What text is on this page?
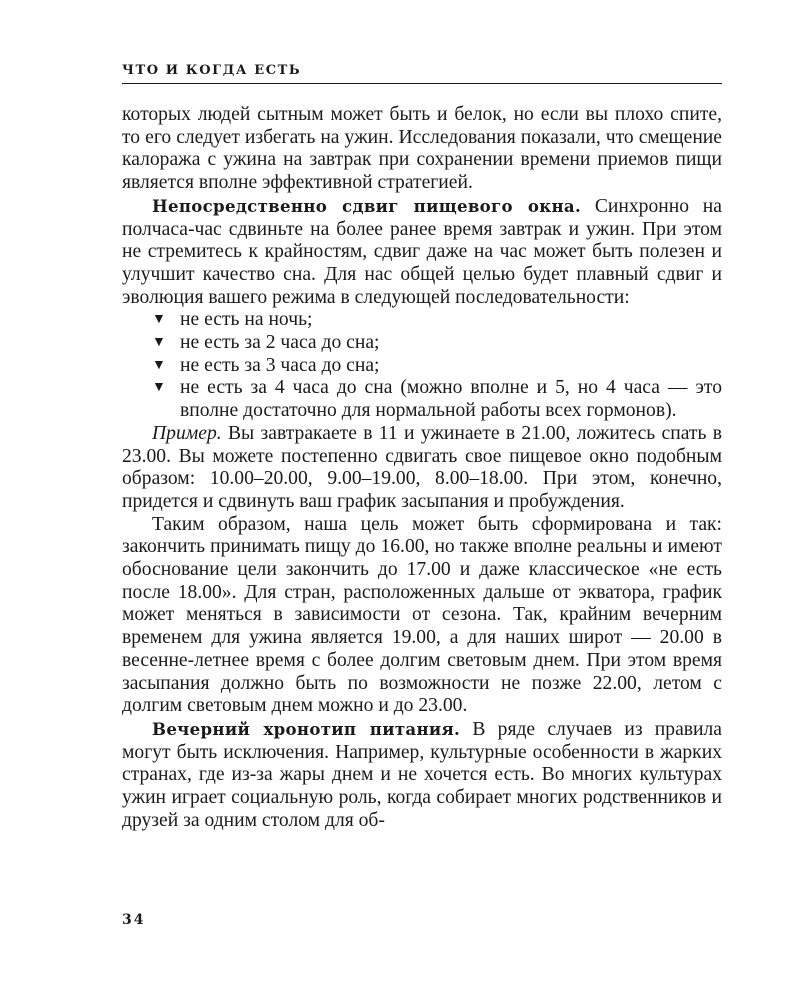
ЧТО И КОГДА ЕСТЬ

которых людей сытным может быть и белок, но если вы плохо спите, то его следует избегать на ужин. Исследования показали, что смещение калоража с ужина на завтрак при сохранении времени приемов пищи является вполне эффективной стратегией.

Непосредственно сдвиг пищевого окна. Синхронно на полчаса-час сдвиньте на более ранее время завтрак и ужин. При этом не стремитесь к крайностям, сдвиг даже на час может быть полезен и улучшит качество сна. Для нас общей целью будет плавный сдвиг и эволюция вашего режима в следующей последовательности:

▼ не есть на ночь;
▼ не есть за 2 часа до сна;
▼ не есть за 3 часа до сна;
▼ не есть за 4 часа до сна (можно вполне и 5, но 4 часа — это вполне достаточно для нормальной работы всех гормонов).

Пример. Вы завтракаете в 11 и ужинаете в 21.00, ложитесь спать в 23.00. Вы можете постепенно сдвигать свое пищевое окно подобным образом: 10.00–20.00, 9.00–19.00, 8.00–18.00. При этом, конечно, придется и сдвинуть ваш график засыпания и пробуждения.

Таким образом, наша цель может быть сформирована и так: закончить принимать пищу до 16.00, но также вполне реальны и имеют обоснование цели закончить до 17.00 и даже классическое «не есть после 18.00». Для стран, расположенных дальше от экватора, график может меняться в зависимости от сезона. Так, крайним вечерним временем для ужина является 19.00, а для наших широт — 20.00 в весенне-летнее время с более долгим световым днем. При этом время засыпания должно быть по возможности не позже 22.00, летом с долгим световым днем можно и до 23.00.

Вечерний хронотип питания. В ряде случаев из правила могут быть исключения. Например, культурные особенности в жарких странах, где из-за жары днем и не хочется есть. Во многих культурах ужин играет социальную роль, когда собирает многих родственников и друзей за одним столом для об-

34
